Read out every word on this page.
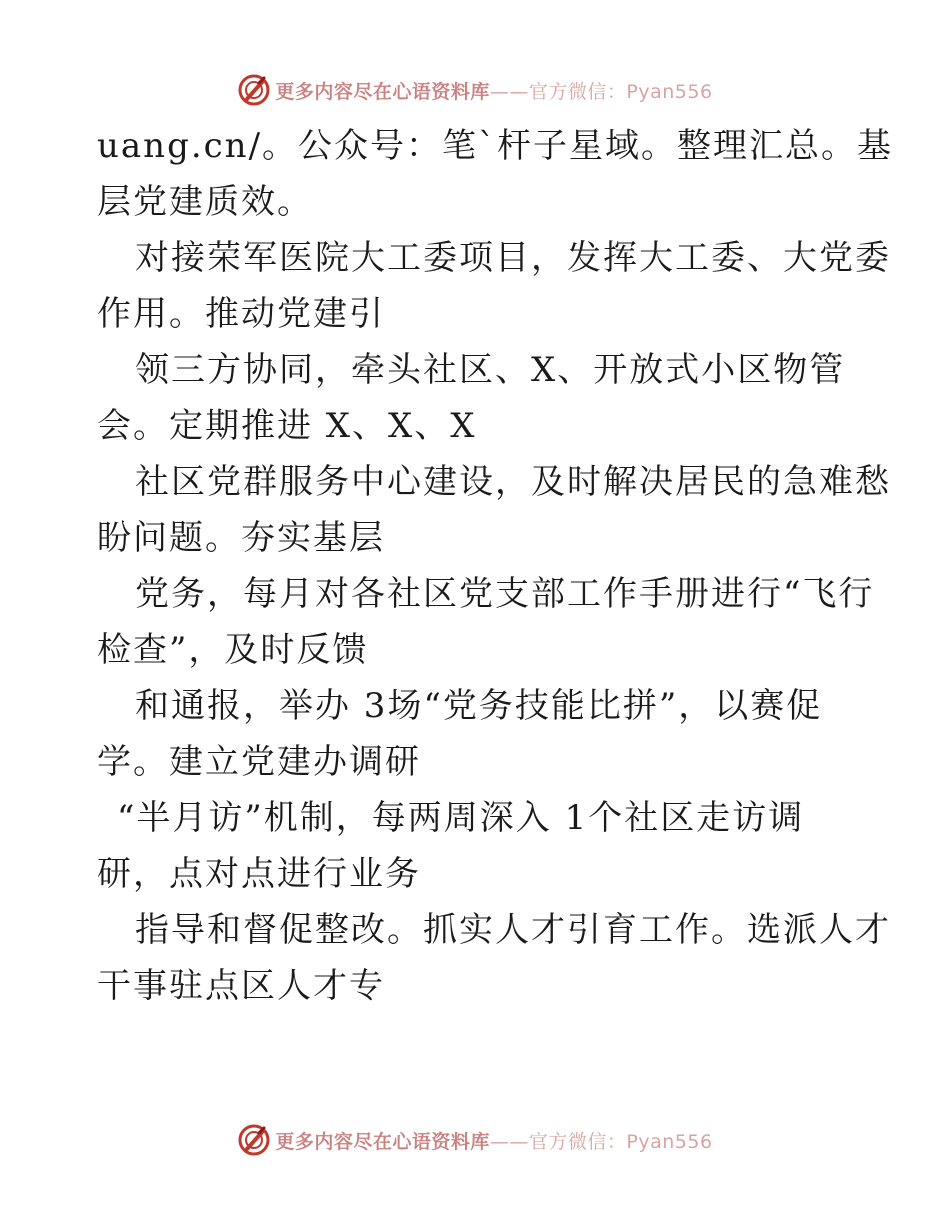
更多内容尽在心语资料库——官方微信：Pyan556
uang.cn/。公众号：笔`杆子星域。整理汇总。基
层党建质效。
对接荣军医院大工委项目，发挥大工委、大党委
作用。推动党建引
领三方协同，牵头社区、X、开放式小区物管
会。定期推进 X、X、X
社区党群服务中心建设，及时解决居民的急难愁
盼问题。夯实基层
党务，每月对各社区党支部工作手册进行“飞行
检查”，及时反馈
和通报，举办 3场“党务技能比拼”，以赛促
学。建立党建办调研
“半月访”机制，每两周深入 1个社区走访调
研，点对点进行业务
指导和督促整改。抓实人才引育工作。选派人才
干事驻点区人才专
更多内容尽在心语资料库——官方微信：Pyan556
